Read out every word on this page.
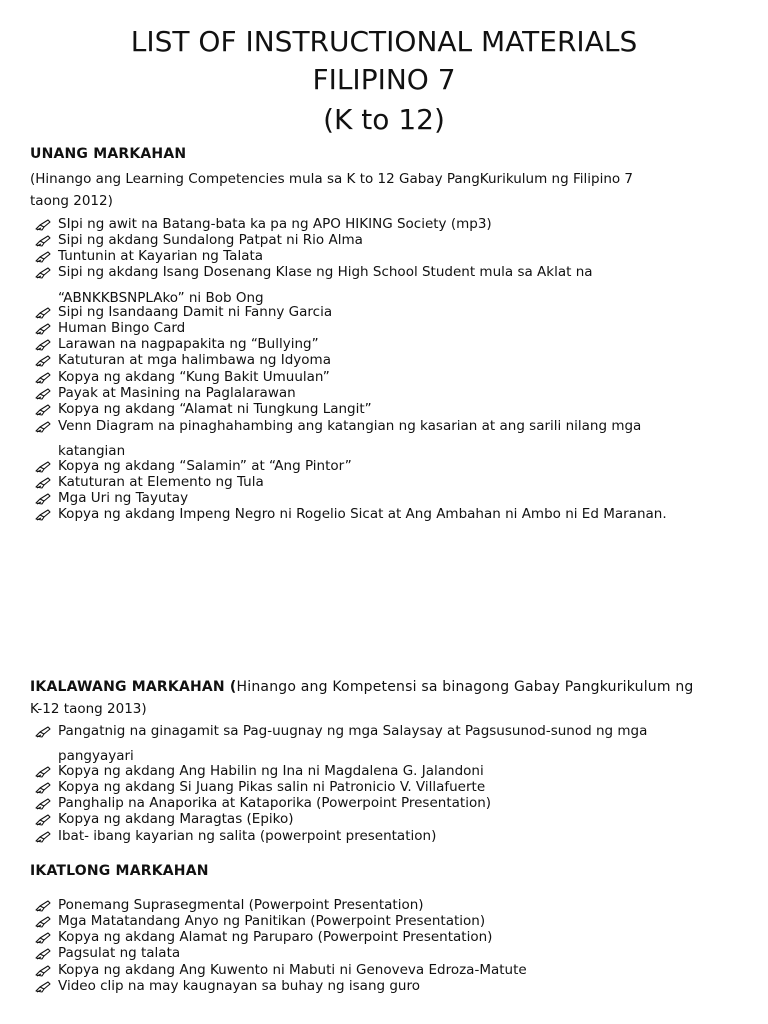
LIST OF INSTRUCTIONAL MATERIALS
FILIPINO 7
(K to 12)
UNANG MARKAHAN
(Hinango ang Learning Competencies mula sa K to 12 Gabay PangKurikulum ng Filipino 7
taong 2012)
SIpi ng awit na Batang-bata ka pa ng APO HIKING Society (mp3)
Sipi ng akdang Sundalong Patpat ni Rio Alma
Tuntunin at Kayarian ng Talata
Sipi ng akdang Isang Dosenang Klase ng High School Student mula sa Aklat na
“ABNKKBSNPLAko” ni Bob Ong
Sipi ng Isandaang Damit ni Fanny Garcia
Human Bingo Card
Larawan na nagpapakita ng “Bullying”
Katuturan at mga halimbawa ng Idyoma
Kopya ng akdang “Kung Bakit Umuulan”
Payak at Masining na Paglalarawan
Kopya ng akdang “Alamat ni Tungkung Langit”
Venn Diagram na pinaghahambing ang katangian ng kasarian at ang sarili nilang mga
katangian
Kopya ng akdang “Salamin” at “Ang Pintor”
Katuturan at Elemento ng Tula
Mga Uri ng Tayutay
Kopya ng akdang Impeng Negro ni Rogelio Sicat at Ang Ambahan ni Ambo ni Ed Maranan.
IKALAWANG MARKAHAN (Hinango ang Kompetensi sa binagong Gabay Pangkurikulum ng
K-12 taong 2013)
Pangatnig na ginagamit sa Pag-uugnay ng mga Salaysay at Pagsusunod-sunod ng mga
pangyayari
Kopya ng akdang Ang Habilin ng Ina ni Magdalena G. Jalandoni
Kopya ng akdang Si Juang Pikas salin ni Patronicio V. Villafuerte
Panghalip na Anaporika at Kataporika (Powerpoint Presentation)
Kopya ng akdang Maragtas (Epiko)
Ibat- ibang kayarian ng salita (powerpoint presentation)
IKATLONG MARKAHAN
Ponemang Suprasegmental (Powerpoint Presentation)
Mga Matatandang Anyo ng Panitikan (Powerpoint Presentation)
Kopya ng akdang Alamat ng Paruparo (Powerpoint Presentation)
Pagsulat ng talata
Kopya ng akdang Ang Kuwento ni Mabuti ni Genoveva Edroza-Matute
Video clip na may kaugnayan sa buhay ng isang guro
